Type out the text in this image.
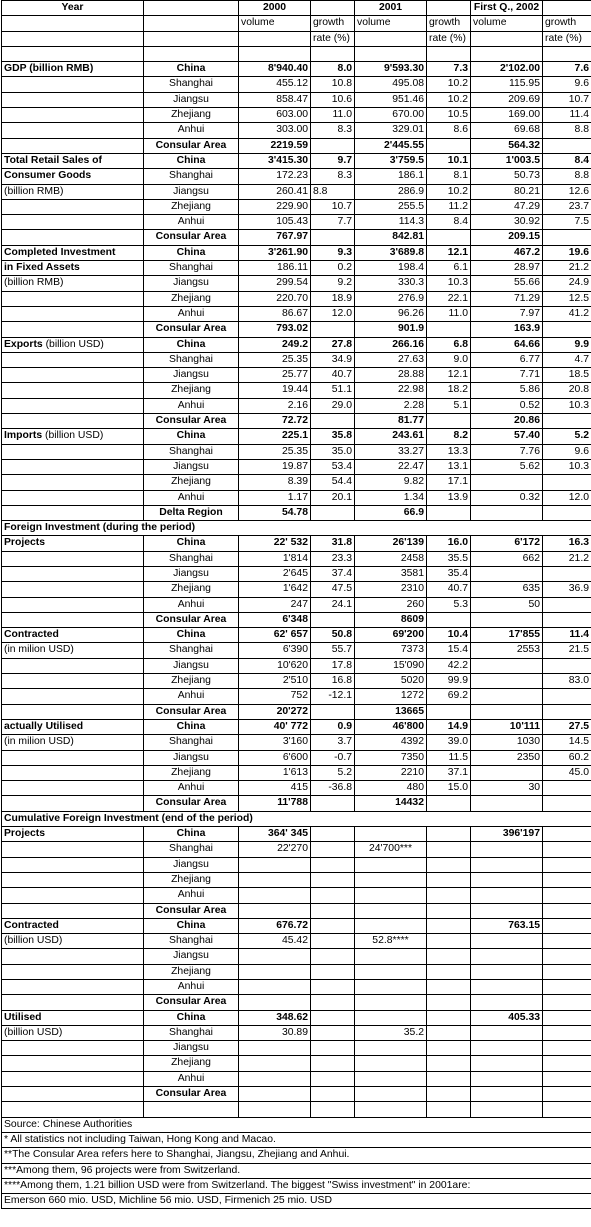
Year		2000		2001		First Q., 2002	
		volume	growth	volume	growth	volume	growth
			rate (%)		rate (%)		rate (%)

GDP (billion RMB)	China	8'940.40	8.0	9'593.30	7.3	2'102.00	7.6
	Shanghai	455.12	10.8	495.08	10.2	115.95	9.6
	Jiangsu	858.47	10.6	951.46	10.2	209.69	10.7
	Zhejiang	603.00	11.0	670.00	10.5	169.00	11.4
	Anhui	303.00	8.3	329.01	8.6	69.68	8.8
	Consular Area	2219.59		2'445.55		564.32	
Total Retail Sales of	China	3'415.30	9.7	3'759.5	10.1	1'003.5	8.4
Consumer Goods	Shanghai	172.23	8.3	186.1	8.1	50.73	8.8
(billion RMB)	Jiangsu	260.41	8.8	286.9	10.2	80.21	12.6
	Zhejiang	229.90	10.7	255.5	11.2	47.29	23.7
	Anhui	105.43	7.7	114.3	8.4	30.92	7.5
	Consular Area	767.97		842.81		209.15	
Completed Investment	China	3'261.90	9.3	3'689.8	12.1	467.2	19.6
in Fixed Assets	Shanghai	186.11	0.2	198.4	6.1	28.97	21.2
(billion RMB)	Jiangsu	299.54	9.2	330.3	10.3	55.66	24.9
	Zhejiang	220.70	18.9	276.9	22.1	71.29	12.5
	Anhui	86.67	12.0	96.26	11.0	7.97	41.2
	Consular Area	793.02		901.9		163.9	
Exports (billion USD)	China	249.2	27.8	266.16	6.8	64.66	9.9
	Shanghai	25.35	34.9	27.63	9.0	6.77	4.7
	Jiangsu	25.77	40.7	28.88	12.1	7.71	18.5
	Zhejiang	19.44	51.1	22.98	18.2	5.86	20.8
	Anhui	2.16	29.0	2.28	5.1	0.52	10.3
	Consular Area	72.72		81.77		20.86	
Imports (billion USD)	China	225.1	35.8	243.61	8.2	57.40	5.2
	Shanghai	25.35	35.0	33.27	13.3	7.76	9.6
	Jiangsu	19.87	53.4	22.47	13.1	5.62	10.3
	Zhejiang	8.39	54.4	9.82	17.1		
	Anhui	1.17	20.1	1.34	13.9	0.32	12.0
	Delta Region	54.78		66.9			
Foreign Investment (during the period)							
Projects	China	22' 532	31.8	26'139	16.0	6'172	16.3
	Shanghai	1'814	23.3	2458	35.5	662	21.2
	Jiangsu	2'645	37.4	3581	35.4		
	Zhejiang	1'642	47.5	2310	40.7	635	36.9
	Anhui	247	24.1	260	5.3	50	
	Consular Area	6'348		8609			
Contracted	China	62' 657	50.8	69'200	10.4	17'855	11.4
(in milion USD)	Shanghai	6'390	55.7	7373	15.4	2553	21.5
	Jiangsu	10'620	17.8	15'090	42.2		
	Zhejiang	2'510	16.8	5020	99.9		83.0
	Anhui	752	-12.1	1272	69.2		
	Consular Area	20'272		13665			
actually Utilised	China	40' 772	0.9	46'800	14.9	10'111	27.5
(in milion USD)	Shanghai	3'160	3.7	4392	39.0	1030	14.5
	Jiangsu	6'600	-0.7	7350	11.5	2350	60.2
	Zhejiang	1'613	5.2	2210	37.1		45.0
	Anhui	415	-36.8	480	15.0	30	
	Consular Area	11'788		14432			
Cumulative Foreign Investment (end of the period)							
Projects	China	364' 345				396'197	
	Shanghai	22'270		24'700***			
	Jiangsu						
	Zhejiang						
	Anhui						
	Consular Area						
Contracted	China	676.72				763.15	
(billion USD)	Shanghai	45.42		52.8****			
	Jiangsu						
	Zhejiang						
	Anhui						
	Consular Area						
Utilised	China	348.62				405.33	
(billion USD)	Shanghai	30.89		35.2			
	Jiangsu						
	Zhejiang						
	Anhui						
	Consular Area						

Source: Chinese Authorities							
* All statistics not including Taiwan, Hong Kong and Macao.							
**The Consular Area refers here to Shanghai, Jiangsu, Zhejiang and Anhui.							
***Among them, 96 projects were from Switzerland.							
****Among them, 1.21 billion USD were from Switzerland. The biggest "Swiss investment" in 2001are:							
Emerson 660 mio. USD, Michline 56 mio. USD, Firmenich 25 mio. USD							
